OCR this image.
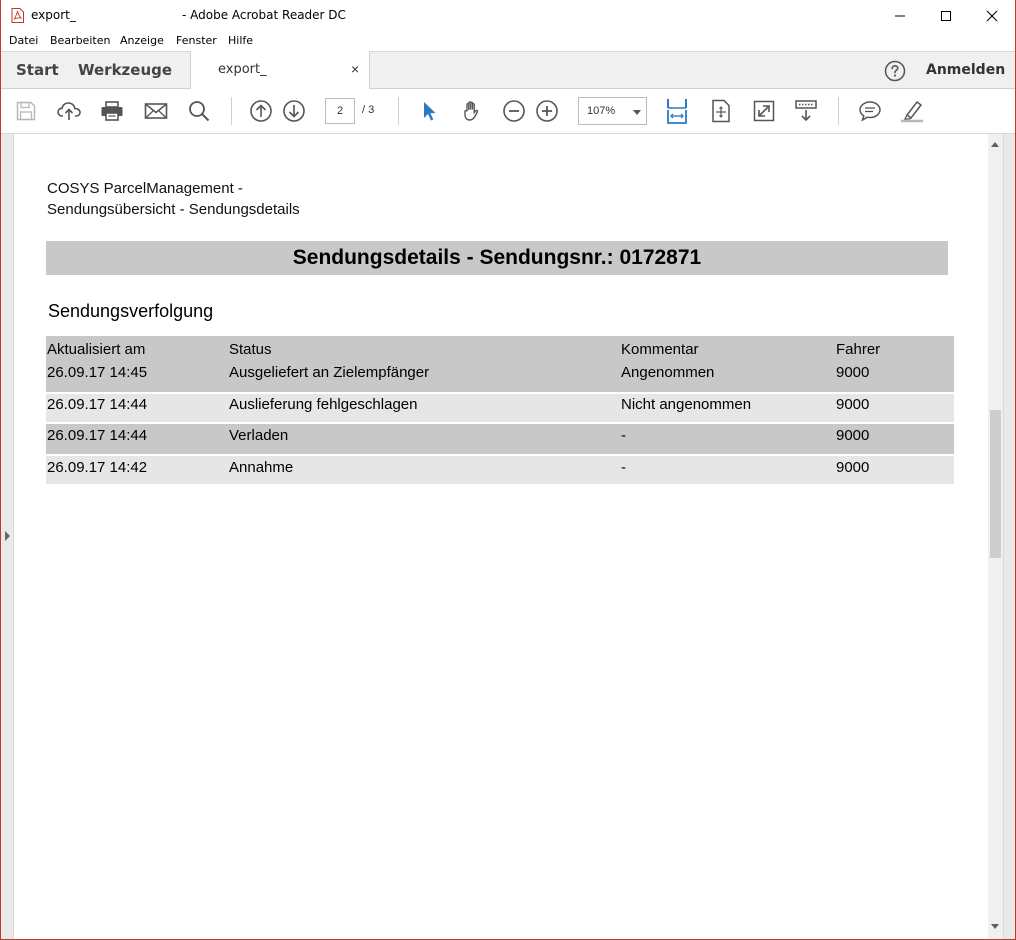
export_	- Adobe Acrobat Reader DC
Datei Bearbeiten Anzeige Fenster Hilfe
Start Werkzeuge	export_	×	Anmelden
2	/ 3	107%
COSYS ParcelManagement -
Sendungsübersicht - Sendungsdetails
Sendungsdetails - Sendungsnr.: 0172871
Sendungsverfolgung
Aktualisiert am	Status	Kommentar	Fahrer
26.09.17 14:45	Ausgeliefert an Zielempfänger	Angenommen	9000
26.09.17 14:44	Auslieferung fehlgeschlagen	Nicht angenommen	9000
26.09.17 14:44	Verladen	-	9000
26.09.17 14:42	Annahme	-	9000
